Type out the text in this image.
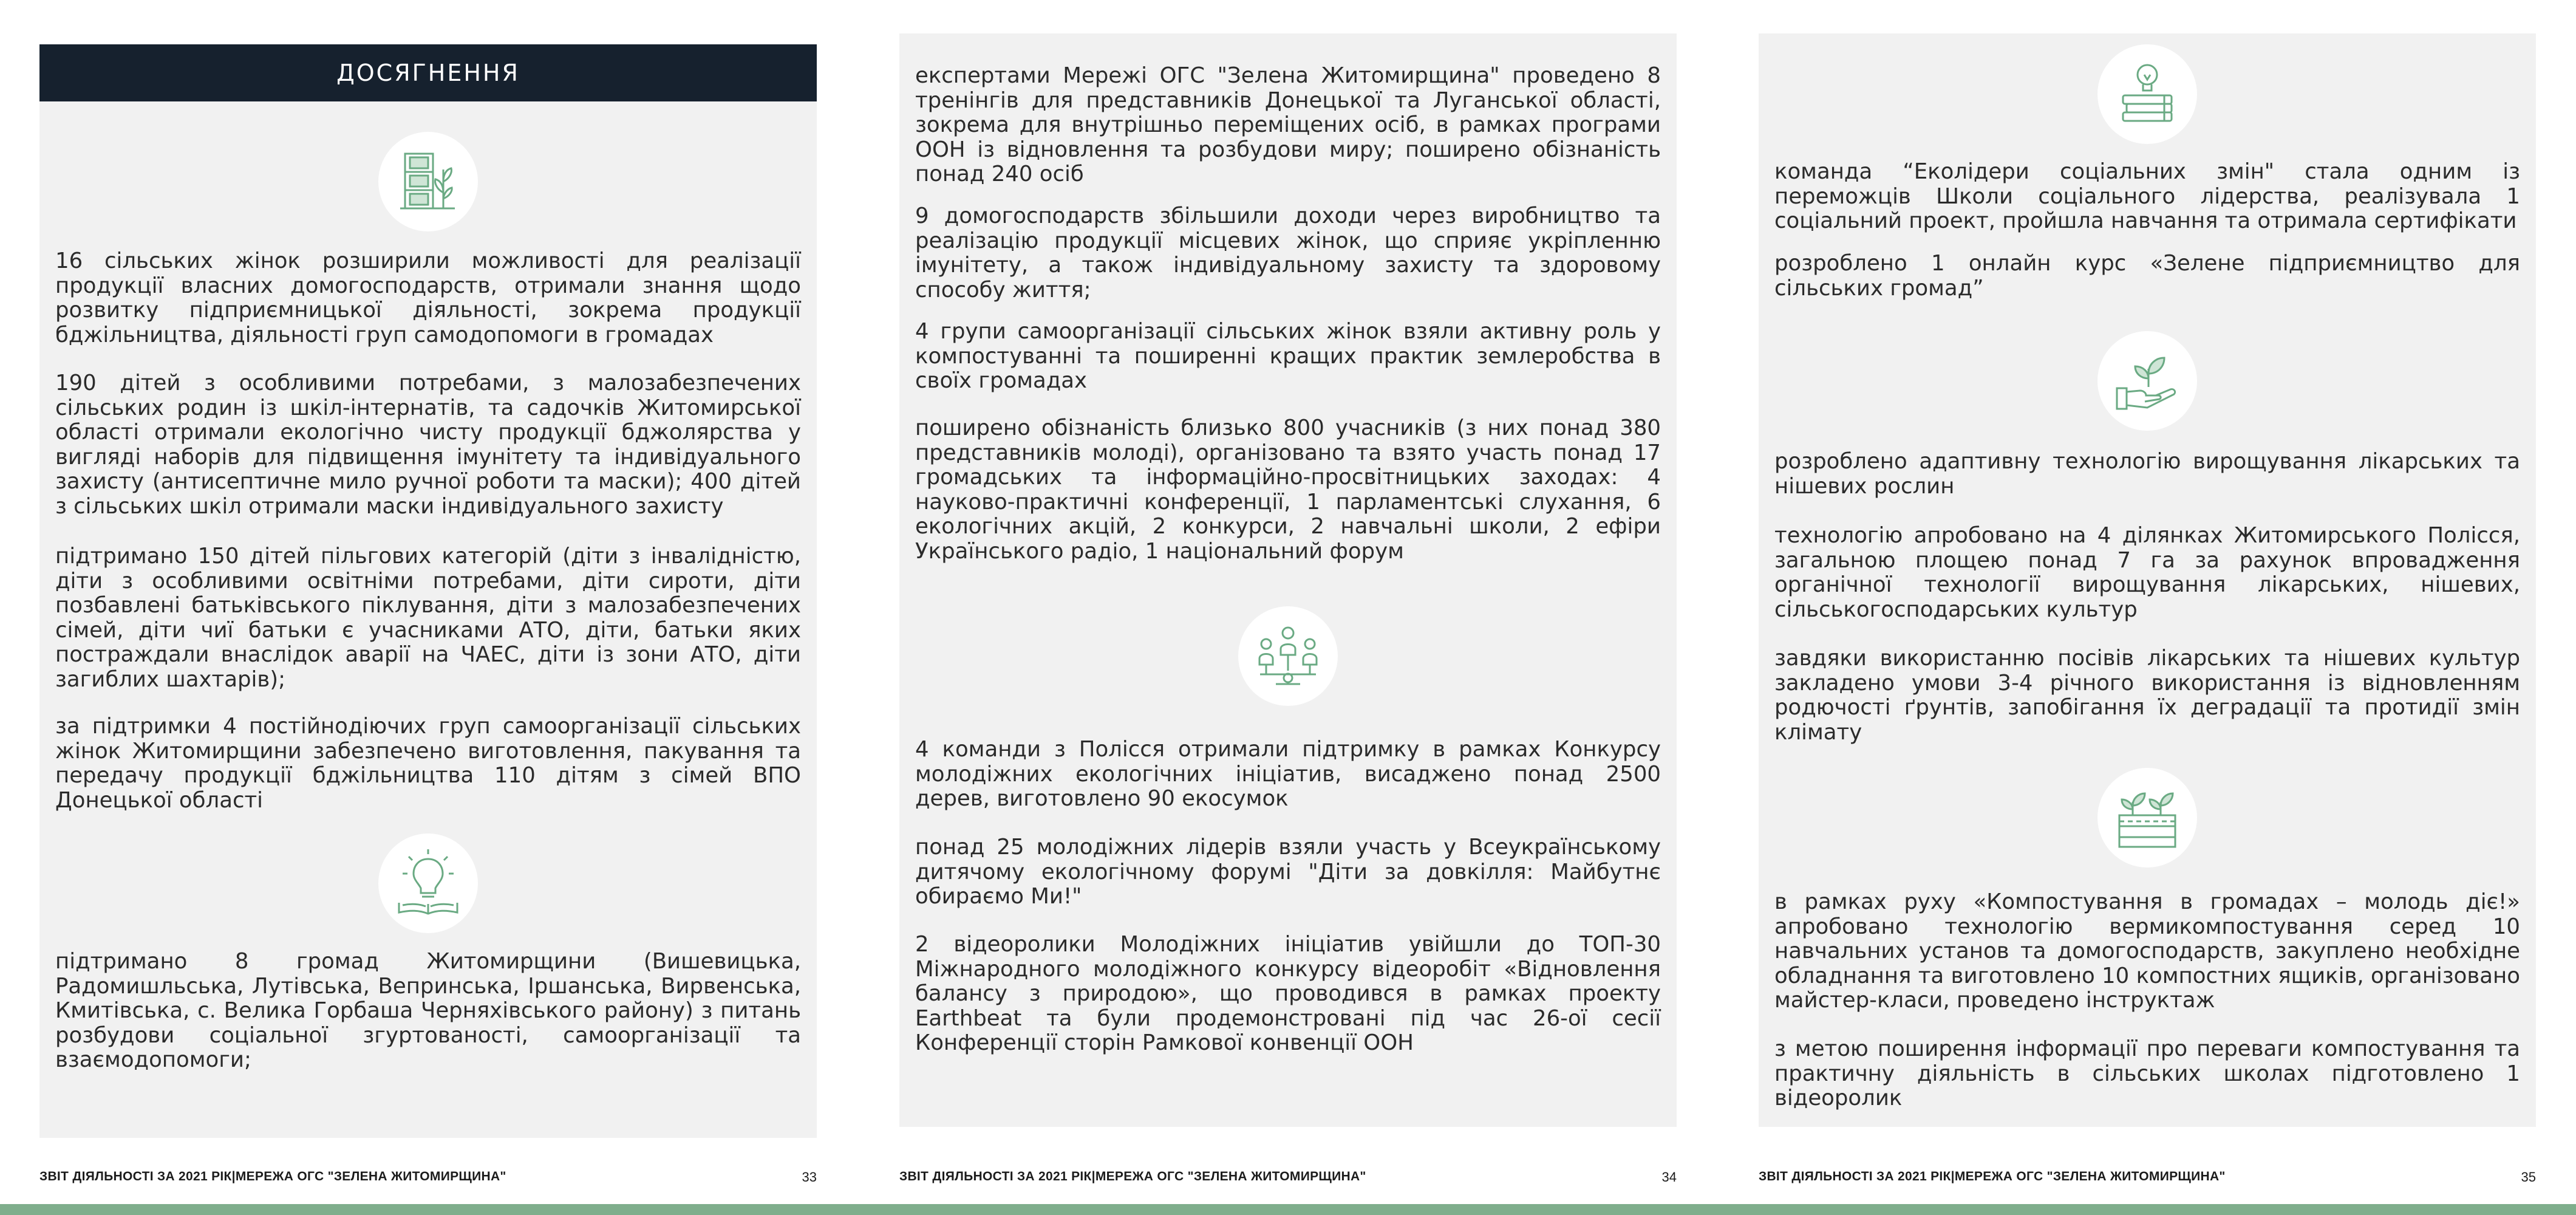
ДОСЯГНЕННЯ
16 сільських жінок розширили можливості для реалізації продукції власних домогосподарств, отримали знання щодо розвитку підприємницької діяльності, зокрема продукції бджільництва, діяльності груп самодопомоги в громадах
190 дітей з особливими потребами, з малозабезпечених сільських родин із шкіл-інтернатів, та садочків Житомирської області отримали екологічно чисту продукції бджолярства у вигляді наборів для підвищення імунітету та індивідуального захисту (антисептичне мило ручної роботи та маски); 400 дітей з сільських шкіл отримали маски індивідуального захисту
підтримано 150 дітей пільгових категорій (діти з інвалідністю, діти з особливими освітніми потребами, діти сироти, діти позбавлені батьківського піклування, діти з малозабезпечених сімей, діти чиї батьки є учасниками АТО, діти, батьки яких постраждали внаслідок аварії на ЧАЕС, діти із зони АТО, діти загиблих шахтарів);
за підтримки 4 постійнодіючих груп самоорганізації сільських жінок Житомирщини забезпечено виготовлення, пакування та передачу продукції бджільництва 110 дітям з сімей ВПО Донецької області
підтримано 8 громад Житомирщини (Вишевицька, Радомишльська, Лутівська, Вепринська, Іршанська, Вирвенська, Кмитівська, с. Велика Горбаша Черняхівського району) з питань розбудови соціальної згуртованості, самоорганізації та взаємодопомоги;
ЗВІТ ДІЯЛЬНОСТІ ЗА 2021 РІК|МЕРЕЖА ОГС "ЗЕЛЕНА ЖИТОМИРЩИНА"	33
експертами Мережі ОГС "Зелена Житомирщина" проведено 8 тренінгів для представників Донецької та Луганської області, зокрема для внутрішньо переміщених осіб, в рамках програми ООН із відновлення та розбудови миру; поширено обізнаність понад 240 осіб
9 домогосподарств збільшили доходи через виробництво та реалізацію продукції місцевих жінок, що сприяє укріпленню імунітету, а також індивідуальному захисту та здоровому способу життя;
4 групи самоорганізації сільських жінок взяли активну роль у компостуванні та поширенні кращих практик землеробства в своїх громадах
поширено обізнаність близько 800 учасників (з них понад 380 представників молоді), організовано та взято участь понад 17 громадських та інформаційно-просвітницьких заходах: 4 науково-практичні конференції, 1 парламентські слухання, 6 екологічних акцій, 2 конкурси, 2 навчальні школи, 2 ефіри Українського радіо, 1 національний форум
4 команди з Полісся отримали підтримку в рамках Конкурсу молодіжних екологічних ініціатив, висаджено понад 2500 дерев, виготовлено 90 екосумок
понад 25 молодіжних лідерів взяли участь у Всеукраїнському дитячому екологічному форумі "Діти за довкілля: Майбутнє обираємо Ми!"
2 відеоролики Молодіжних ініціатив увійшли до ТОП-30 Міжнародного молодіжного конкурсу відеоробіт «Відновлення балансу з природою», що проводився в рамках проекту Earthbeat та були продемонстровані під час 26-ої сесії Конференції сторін Рамкової конвенції ООН
ЗВІТ ДІЯЛЬНОСТІ ЗА 2021 РІК|МЕРЕЖА ОГС "ЗЕЛЕНА ЖИТОМИРЩИНА"	34
команда “Еколідери соціальних змін" стала одним із переможців Школи соціального лідерства, реалізувала 1 соціальний проект, пройшла навчання та отримала сертифікати
розроблено 1 онлайн курс «Зелене підприємництво для сільських громад”
розроблено адаптивну технологію вирощування лікарських та нішевих рослин
технологію апробовано на 4 ділянках Житомирського Полісся, загальною площею понад 7 га за рахунок впровадження органічної технології вирощування лікарських, нішевих, сільськогосподарських культур
завдяки використанню посівів лікарських та нішевих культур закладено умови 3-4 річного використання із відновленням родючості ґрунтів, запобігання їх деградації та протидії змін клімату
в рамках руху «Компостування в громадах – молодь діє!» апробовано технологію вермикомпостування серед 10 навчальних установ та домогосподарств, закуплено необхідне обладнання та виготовлено 10 компостних ящиків, організовано майстер-класи, проведено інструктаж
з метою поширення інформації про переваги компостування та практичну діяльність в сільських школах підготовлено 1 відеоролик
ЗВІТ ДІЯЛЬНОСТІ ЗА 2021 РІК|МЕРЕЖА ОГС "ЗЕЛЕНА ЖИТОМИРЩИНА"	35
